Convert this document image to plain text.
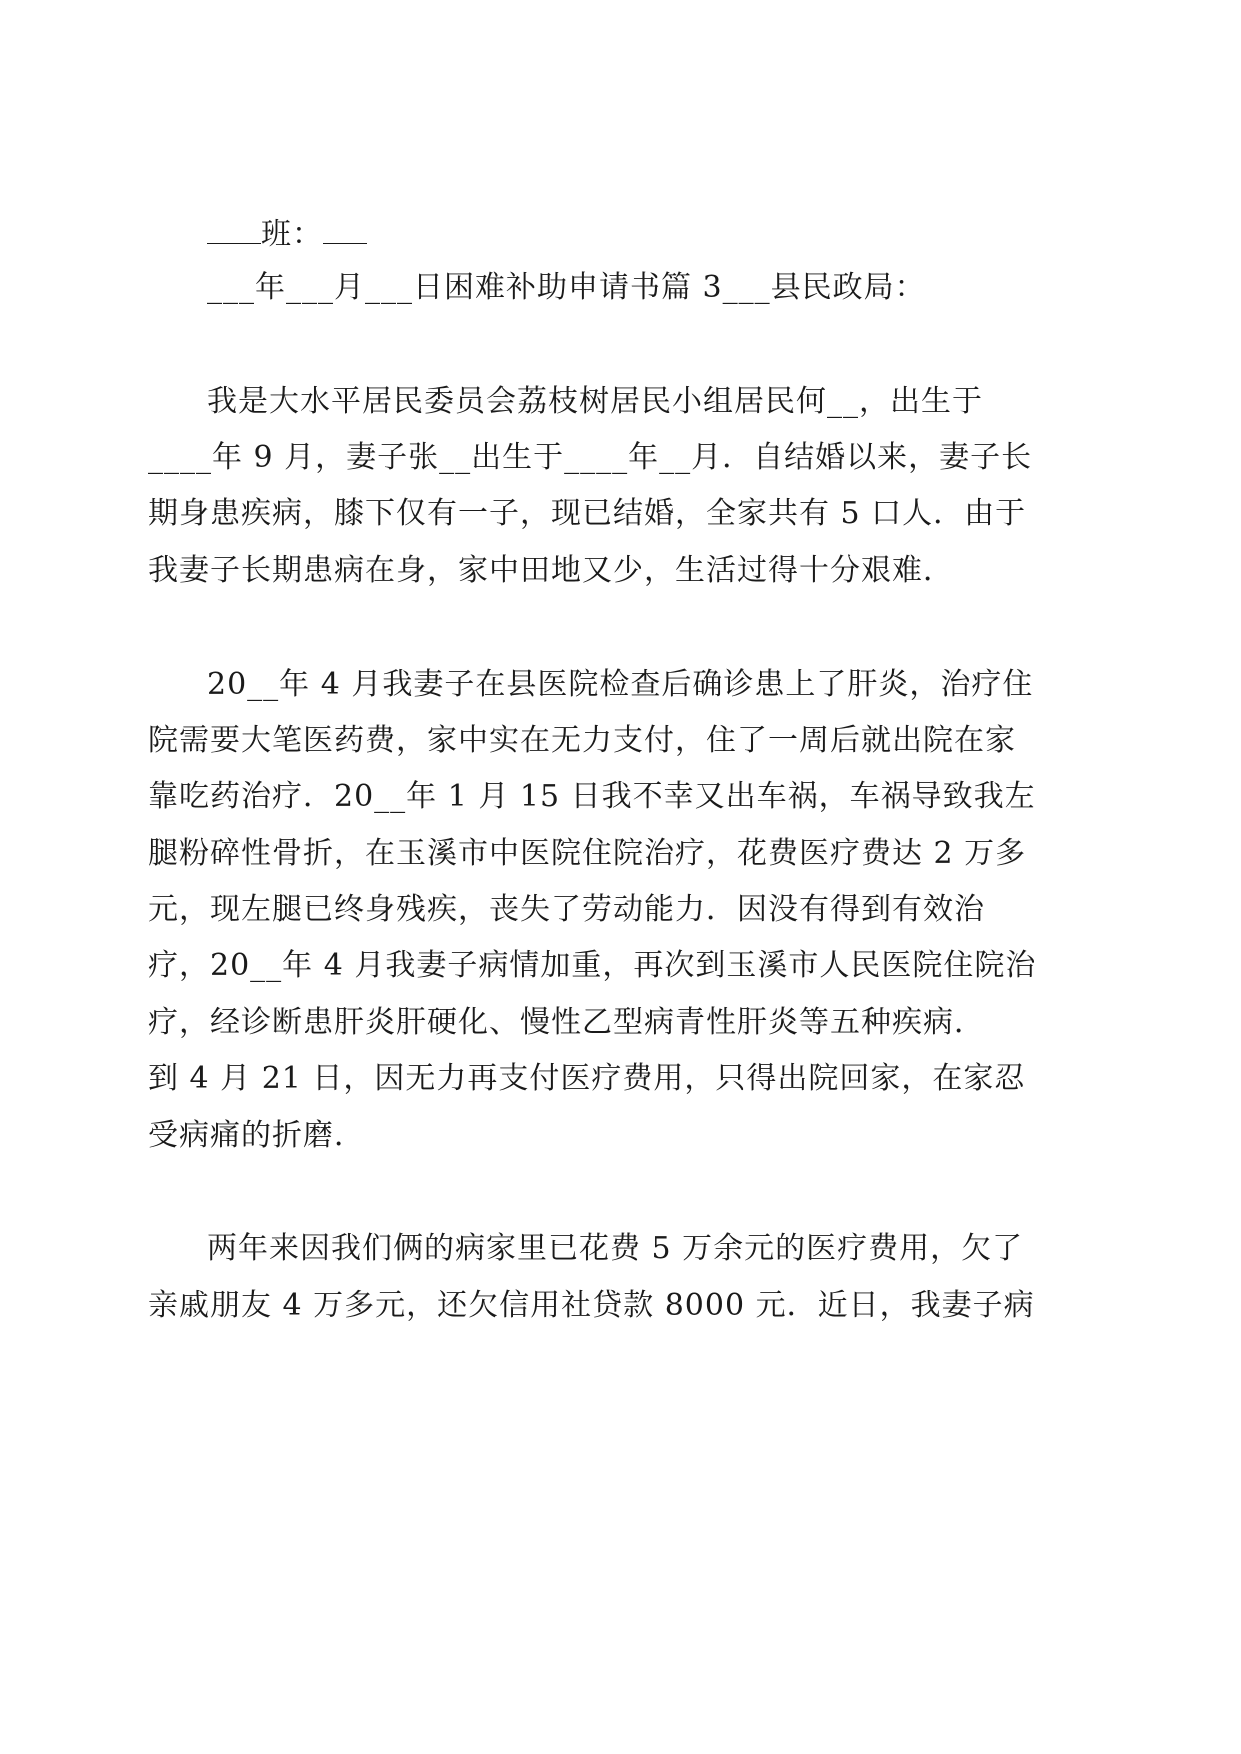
班：
___年___月___日困难补助申请书篇 3___县民政局：
我是大水平居民委员会荔枝树居民小组居民何__，出生于
____年 9 月，妻子张__出生于____年__月．自结婚以来，妻子长
期身患疾病，膝下仅有一子，现已结婚，全家共有 5 口人．由于
我妻子长期患病在身，家中田地又少，生活过得十分艰难．
20__年 4 月我妻子在县医院检查后确诊患上了肝炎，治疗住
院需要大笔医药费，家中实在无力支付，住了一周后就出院在家
靠吃药治疗．20__年 1 月 15 日我不幸又出车祸，车祸导致我左
腿粉碎性骨折，在玉溪市中医院住院治疗，花费医疗费达 2 万多
元，现左腿已终身残疾，丧失了劳动能力．因没有得到有效治
疗，20__年 4 月我妻子病情加重，再次到玉溪市人民医院住院治
疗，经诊断患肝炎肝硬化、慢性乙型病青性肝炎等五种疾病．
到 4 月 21 日，因无力再支付医疗费用，只得出院回家，在家忍
受病痛的折磨．
两年来因我们俩的病家里已花费 5 万余元的医疗费用，欠了
亲戚朋友 4 万多元，还欠信用社贷款 8000 元．近日，我妻子病
